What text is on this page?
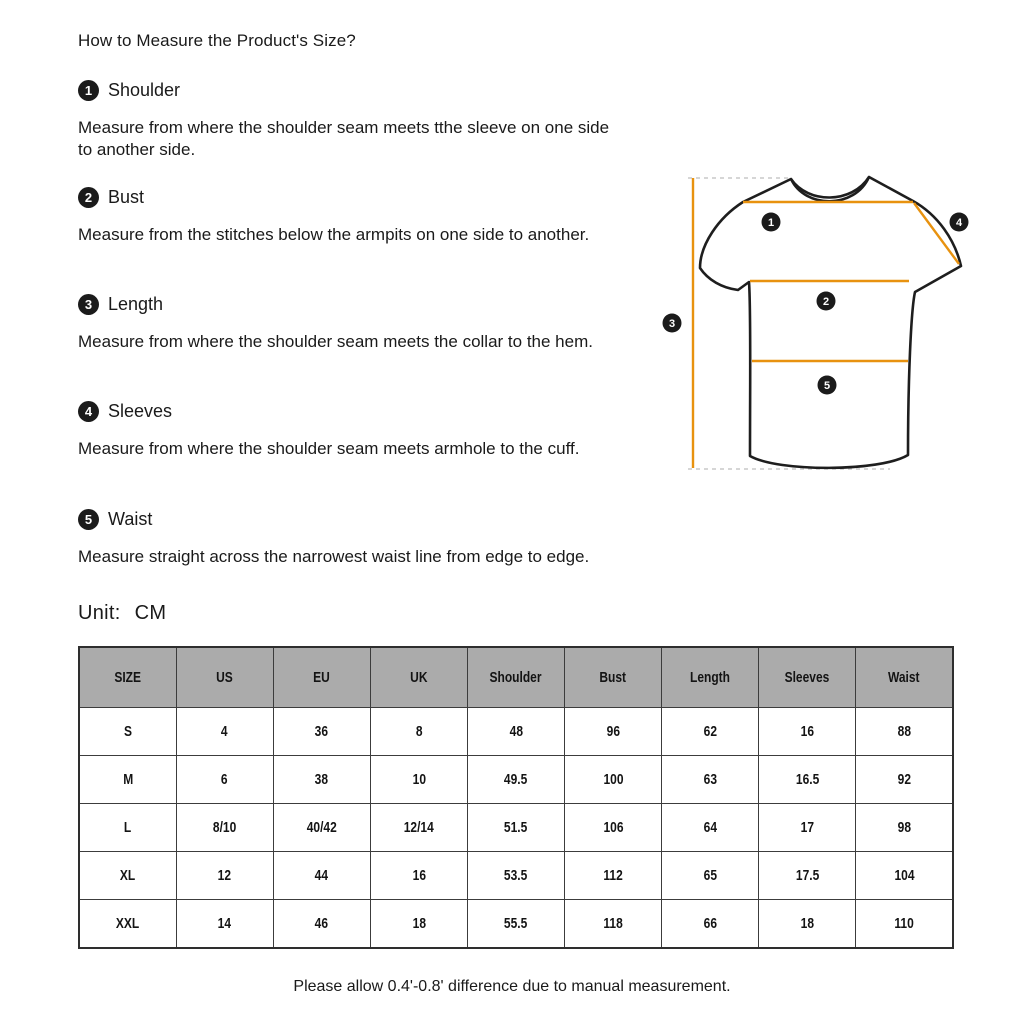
How to Measure the Product's Size?
1 Shoulder
Measure from where the shoulder seam meets tthe sleeve on one side to another side.
2 Bust
Measure from the stitches below the armpits on one side to another.
3 Length
Measure from where the shoulder seam meets the collar to the hem.
4 Sleeves
Measure from where the shoulder seam meets armhole to the cuff.
5 Waist
Measure straight across the narrowest waist line from edge to edge.
Unit: CM
1
2
3
4
5
SIZE	US	EU	UK	Shoulder	Bust	Length	Sleeves	Waist
S	4	36	8	48	96	62	16	88
M	6	38	10	49.5	100	63	16.5	92
L	8/10	40/42	12/14	51.5	106	64	17	98
XL	12	44	16	53.5	112	65	17.5	104
XXL	14	46	18	55.5	118	66	18	110
Please allow 0.4'-0.8' difference due to manual measurement.
